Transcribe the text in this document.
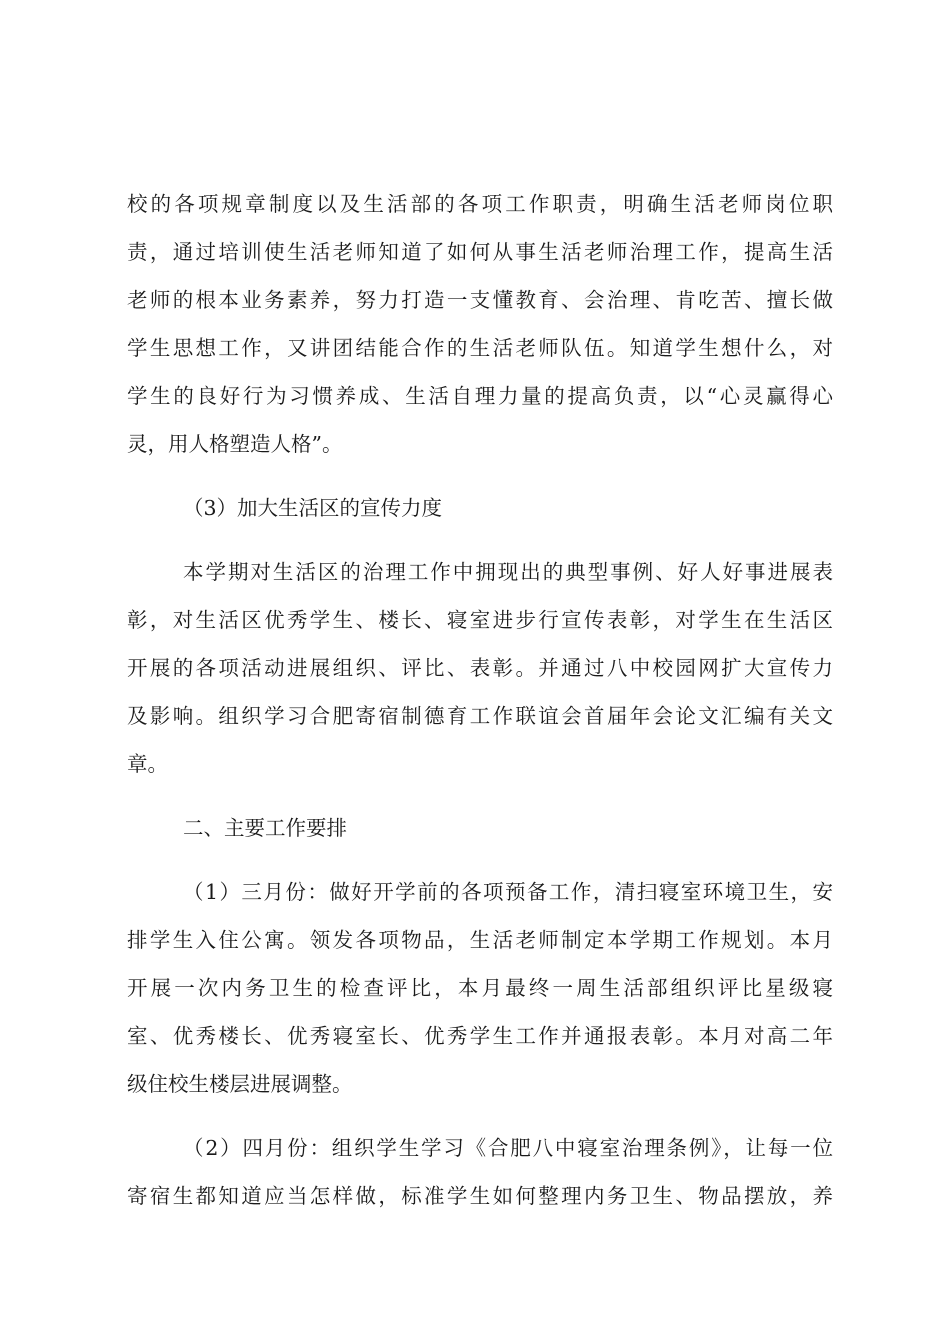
校的各项规章制度以及生活部的各项工作职责，明确生活老师岗位职
责，通过培训使生活老师知道了如何从事生活老师治理工作，提高生活
老师的根本业务素养，努力打造一支懂教育、会治理、肯吃苦、擅长做
学生思想工作，又讲团结能合作的生活老师队伍。知道学生想什么，对
学生的良好行为习惯养成、生活自理力量的提高负责，以“心灵赢得心
灵，用人格塑造人格”。
（3）加大生活区的宣传力度
本学期对生活区的治理工作中拥现出的典型事例、好人好事进展表
彰，对生活区优秀学生、楼长、寝室进步行宣传表彰，对学生在生活区
开展的各项活动进展组织、评比、表彰。并通过八中校园网扩大宣传力
及影响。组织学习合肥寄宿制德育工作联谊会首届年会论文汇编有关文
章。
二、主要工作要排
（1）三月份：做好开学前的各项预备工作，清扫寝室环境卫生，安
排学生入住公寓。领发各项物品，生活老师制定本学期工作规划。本月
开展一次内务卫生的检查评比，本月最终一周生活部组织评比星级寝
室、优秀楼长、优秀寝室长、优秀学生工作并通报表彰。本月对高二年
级住校生楼层进展调整。
（2）四月份：组织学生学习《合肥八中寝室治理条例》，让每一位
寄宿生都知道应当怎样做，标准学生如何整理内务卫生、物品摆放，养
